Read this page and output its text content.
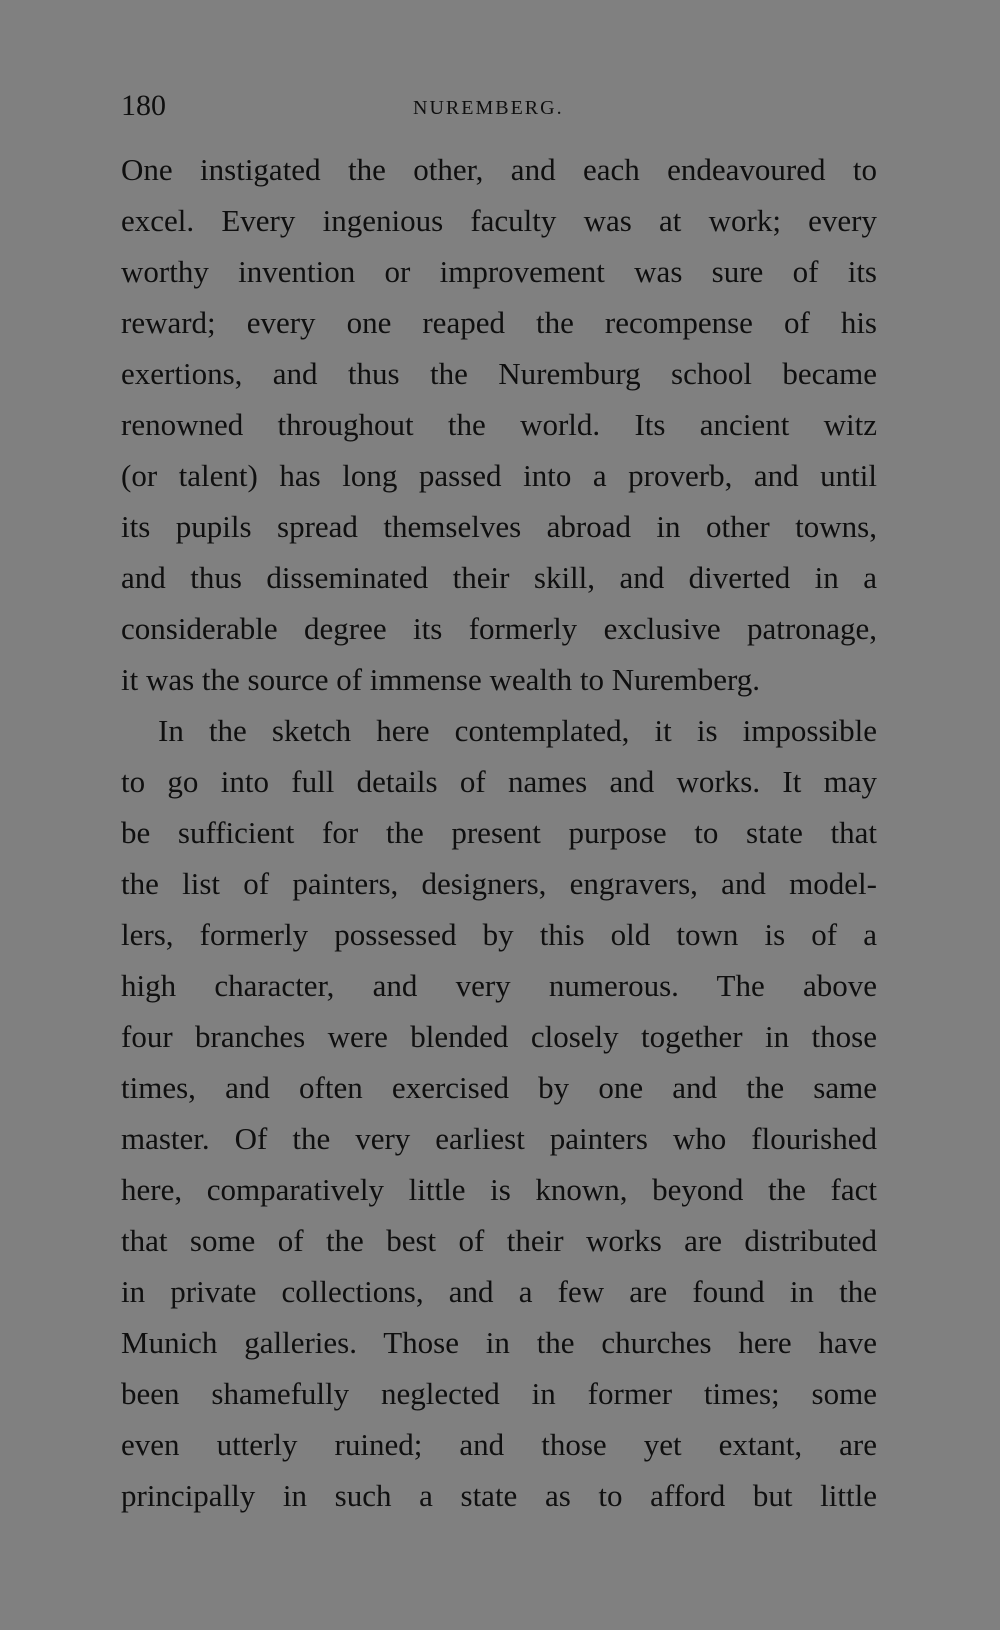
180	NUREMBERG.
One instigated the other, and each endeavoured to
excel. Every ingenious faculty was at work; every
worthy invention or improvement was sure of its
reward; every one reaped the recompense of his
exertions, and thus the Nuremburg school became
renowned throughout the world. Its ancient witz
(or talent) has long passed into a proverb, and until
its pupils spread themselves abroad in other towns,
and thus disseminated their skill, and diverted in a
considerable degree its formerly exclusive patronage,
it was the source of immense wealth to Nuremberg.
In the sketch here contemplated, it is impossible
to go into full details of names and works. It may
be sufficient for the present purpose to state that
the list of painters, designers, engravers, and model-
lers, formerly possessed by this old town is of a
high character, and very numerous. The above
four branches were blended closely together in those
times, and often exercised by one and the same
master. Of the very earliest painters who flourished
here, comparatively little is known, beyond the fact
that some of the best of their works are distributed
in private collections, and a few are found in the
Munich galleries. Those in the churches here have
been shamefully neglected in former times; some
even utterly ruined; and those yet extant, are
principally in such a state as to afford but little
